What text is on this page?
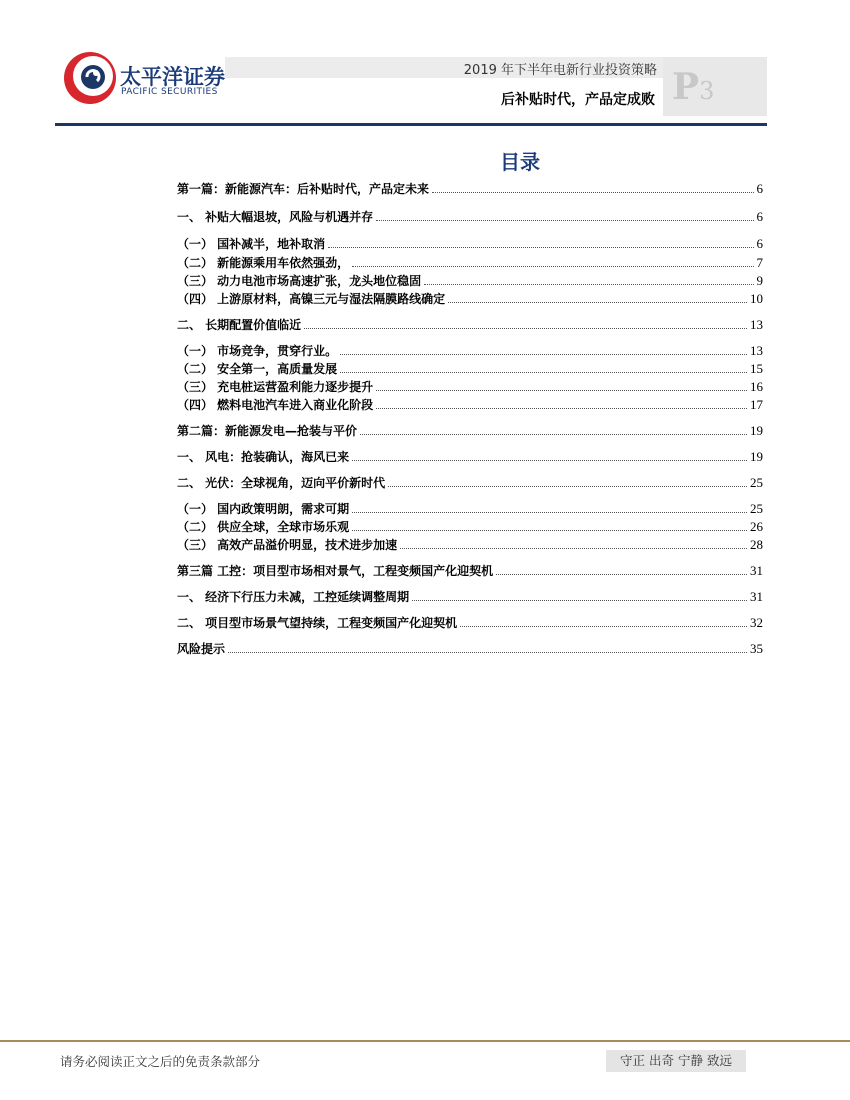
太平洋证券
PACIFIC SECURITIES
2019 年下半年电新行业投资策略
后补贴时代，产品定成败 P3
目录
第一篇：新能源汽车：后补贴时代，产品定未来	6
一、 补贴大幅退坡，风险与机遇并存	6
（一） 国补减半，地补取消	6
（二） 新能源乘用车依然强劲，	7
（三） 动力电池市场高速扩张，龙头地位稳固	9
（四） 上游原材料，高镍三元与湿法隔膜路线确定	10
二、 长期配置价值临近	13
（一） 市场竞争，贯穿行业。	13
（二） 安全第一，高质量发展	15
（三） 充电桩运营盈利能力逐步提升	16
（四） 燃料电池汽车进入商业化阶段	17
第二篇：新能源发电—抢装与平价	19
一、 风电：抢装确认，海风已来	19
二、 光伏：全球视角，迈向平价新时代	25
（一） 国内政策明朗，需求可期	25
（二） 供应全球，全球市场乐观	26
（三） 高效产品溢价明显，技术进步加速	28
第三篇 工控：项目型市场相对景气，工程变频国产化迎契机	31
一、 经济下行压力未减，工控延续调整周期	31
二、 项目型市场景气望持续，工程变频国产化迎契机	32
风险提示	35
请务必阅读正文之后的免责条款部分	守正 出奇 宁静 致远
